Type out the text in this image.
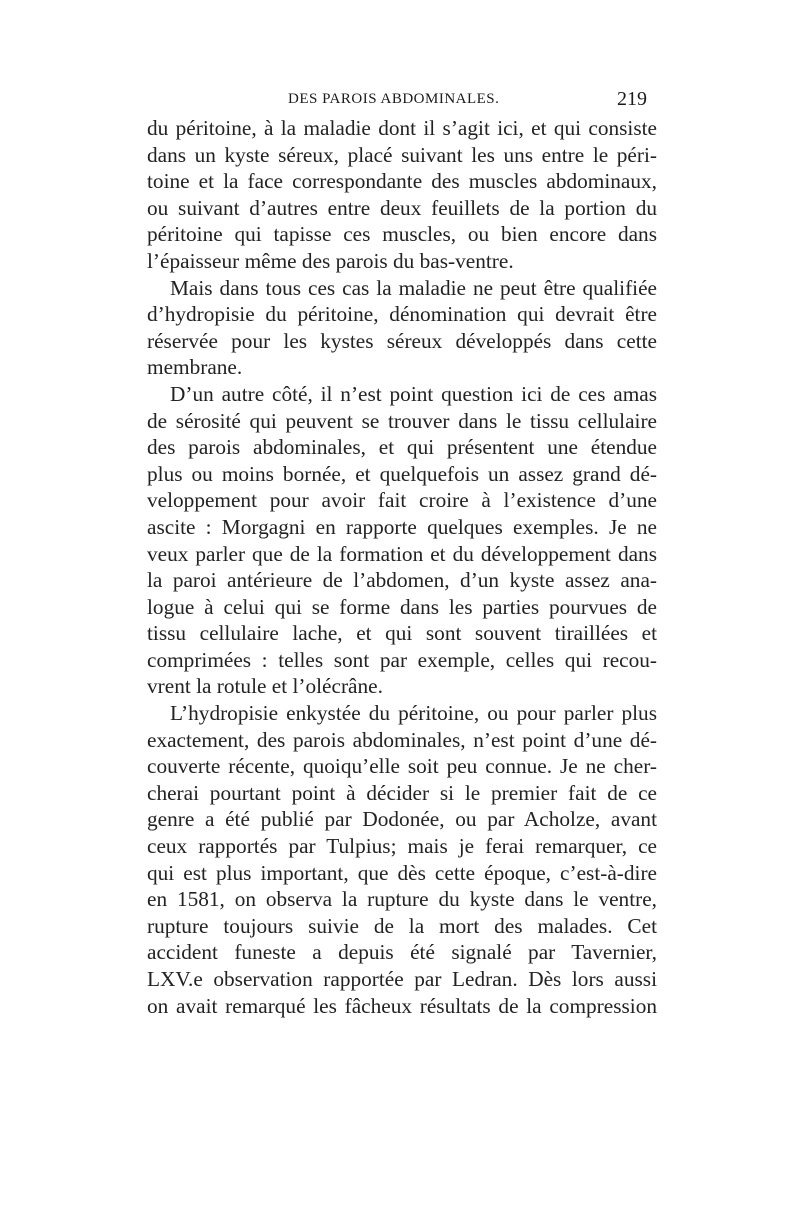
DES PAROIS ABDOMINALES.	219
du péritoine, à la maladie dont il s’agit ici, et qui consiste
dans un kyste séreux, placé suivant les uns entre le péri-
toine et la face correspondante des muscles abdominaux,
ou suivant d’autres entre deux feuillets de la portion du
péritoine qui tapisse ces muscles, ou bien encore dans
l’épaisseur même des parois du bas-ventre.
Mais dans tous ces cas la maladie ne peut être qualifiée
d’hydropisie du péritoine, dénomination qui devrait être
réservée pour les kystes séreux développés dans cette
membrane.
D’un autre côté, il n’est point question ici de ces amas
de sérosité qui peuvent se trouver dans le tissu cellulaire
des parois abdominales, et qui présentent une étendue
plus ou moins bornée, et quelquefois un assez grand dé-
veloppement pour avoir fait croire à l’existence d’une
ascite : Morgagni en rapporte quelques exemples. Je ne
veux parler que de la formation et du développement dans
la paroi antérieure de l’abdomen, d’un kyste assez ana-
logue à celui qui se forme dans les parties pourvues de
tissu cellulaire lache, et qui sont souvent tiraillées et
comprimées : telles sont par exemple, celles qui recou-
vrent la rotule et l’olécrâne.
L’hydropisie enkystée du péritoine, ou pour parler plus
exactement, des parois abdominales, n’est point d’une dé-
couverte récente, quoiqu’elle soit peu connue. Je ne cher-
cherai pourtant point à décider si le premier fait de ce
genre a été publié par Dodonée, ou par Acholze, avant
ceux rapportés par Tulpius; mais je ferai remarquer, ce
qui est plus important, que dès cette époque, c’est-à-dire
en 1581, on observa la rupture du kyste dans le ventre,
rupture toujours suivie de la mort des malades. Cet
accident funeste a depuis été signalé par Tavernier,
LXV.e observation rapportée par Ledran. Dès lors aussi
on avait remarqué les fâcheux résultats de la compression
